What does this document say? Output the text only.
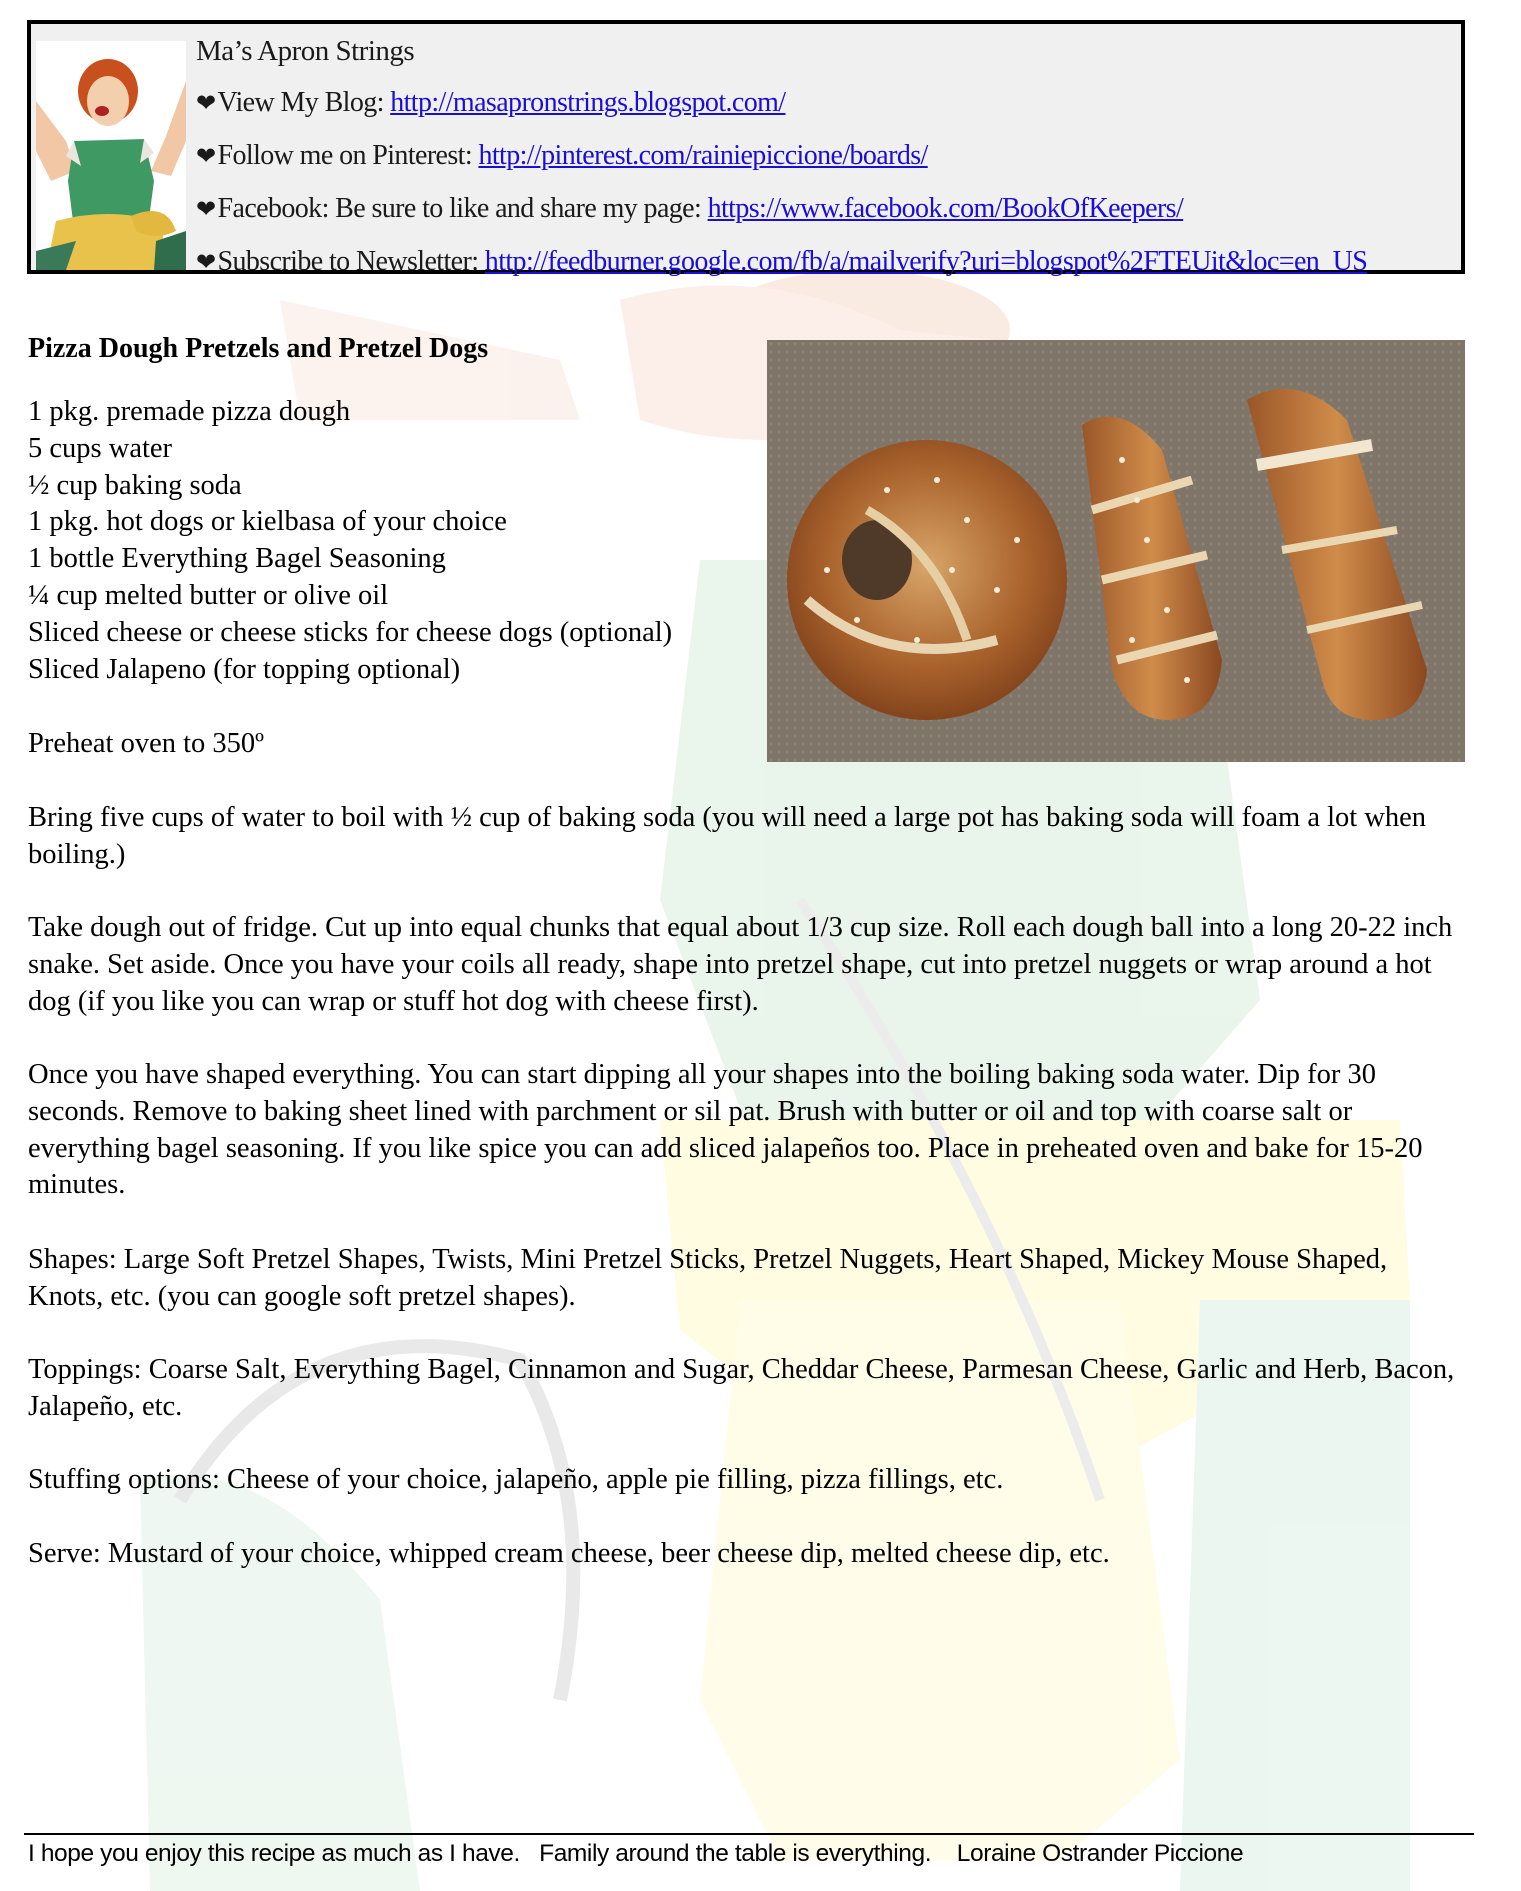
Ma’s Apron Strings
❤View My Blog: http://masapronstrings.blogspot.com/
❤Follow me on Pinterest: http://pinterest.com/rainiepiccione/boards/
❤Facebook: Be sure to like and share my page: https://www.facebook.com/BookOfKeepers/
❤Subscribe to Newsletter: http://feedburner.google.com/fb/a/mailverify?uri=blogspot%2FTEUit&loc=en_US
Pizza Dough Pretzels and Pretzel Dogs
1 pkg. premade pizza dough
5 cups water
½ cup baking soda
1 pkg. hot dogs or kielbasa of your choice
1 bottle Everything Bagel Seasoning
¼ cup melted butter or olive oil
Sliced cheese or cheese sticks for cheese dogs (optional)
Sliced Jalapeno (for topping optional)
Preheat oven to 350º
Bring five cups of water to boil with ½ cup of baking soda (you will need a large pot has baking soda will foam a lot when boiling.)
Take dough out of fridge. Cut up into equal chunks that equal about 1/3 cup size. Roll each dough ball into a long 20-22 inch snake. Set aside. Once you have your coils all ready, shape into pretzel shape, cut into pretzel nuggets or wrap around a hot dog (if you like you can wrap or stuff hot dog with cheese first).
Once you have shaped everything. You can start dipping all your shapes into the boiling baking soda water. Dip for 30 seconds. Remove to baking sheet lined with parchment or sil pat. Brush with butter or oil and top with coarse salt or everything bagel seasoning. If you like spice you can add sliced jalapeños too. Place in preheated oven and bake for 15-20 minutes.
Shapes: Large Soft Pretzel Shapes, Twists, Mini Pretzel Sticks, Pretzel Nuggets, Heart Shaped, Mickey Mouse Shaped, Knots, etc. (you can google soft pretzel shapes).
Toppings: Coarse Salt, Everything Bagel, Cinnamon and Sugar, Cheddar Cheese, Parmesan Cheese, Garlic and Herb, Bacon, Jalapeño, etc.
Stuffing options: Cheese of your choice, jalapeño, apple pie filling, pizza fillings, etc.
Serve: Mustard of your choice, whipped cream cheese, beer cheese dip, melted cheese dip, etc.
I hope you enjoy this recipe as much as I have.   Family around the table is everything.    Loraine Ostrander Piccione
